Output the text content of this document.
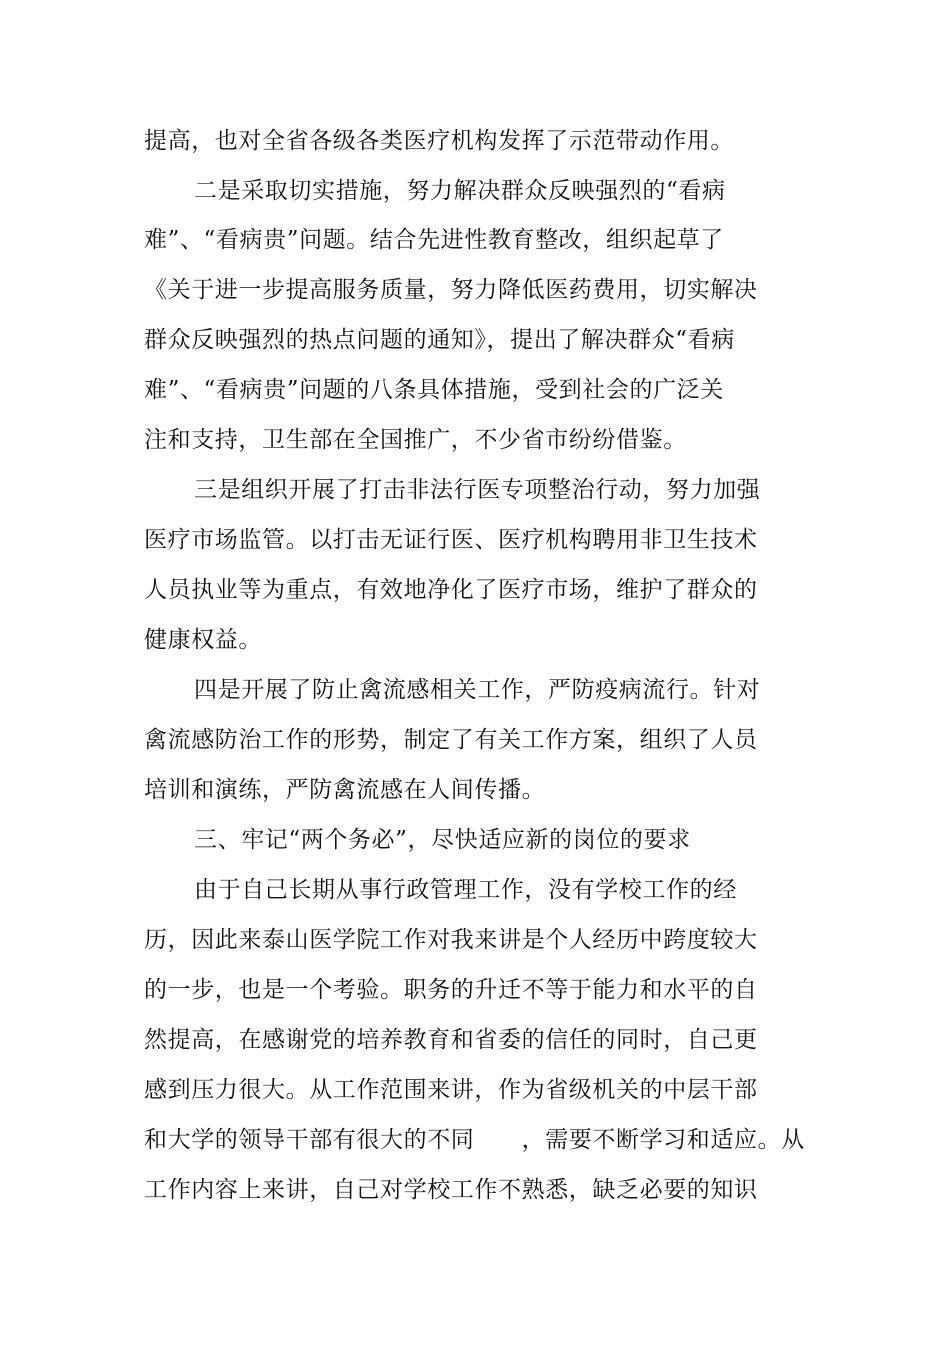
提高，也对全省各级各类医疗机构发挥了示范带动作用。
二是采取切实措施，努力解决群众反映强烈的“看病
难”、“看病贵”问题。结合先进性教育整改，组织起草了
《关于进一步提高服务质量，努力降低医药费用，切实解决
群众反映强烈的热点问题的通知》，提出了解决群众“看病
难”、“看病贵”问题的八条具体措施，受到社会的广泛关
注和支持，卫生部在全国推广，不少省市纷纷借鉴。
三是组织开展了打击非法行医专项整治行动，努力加强
医疗市场监管。以打击无证行医、医疗机构聘用非卫生技术
人员执业等为重点，有效地净化了医疗市场，维护了群众的
健康权益。
四是开展了防止禽流感相关工作，严防疫病流行。针对
禽流感防治工作的形势，制定了有关工作方案，组织了人员
培训和演练，严防禽流感在人间传播。
三、牢记“两个务必”，尽快适应新的岗位的要求
由于自己长期从事行政管理工作，没有学校工作的经
历，因此来泰山医学院工作对我来讲是个人经历中跨度较大
的一步，也是一个考验。职务的升迁不等于能力和水平的自
然提高，在感谢党的培养教育和省委的信任的同时，自己更
感到压力很大。从工作范围来讲，作为省级机关的中层干部
和大学的领导干部有很大的不同　　，需要不断学习和适应。从
工作内容上来讲，自己对学校工作不熟悉，缺乏必要的知识
